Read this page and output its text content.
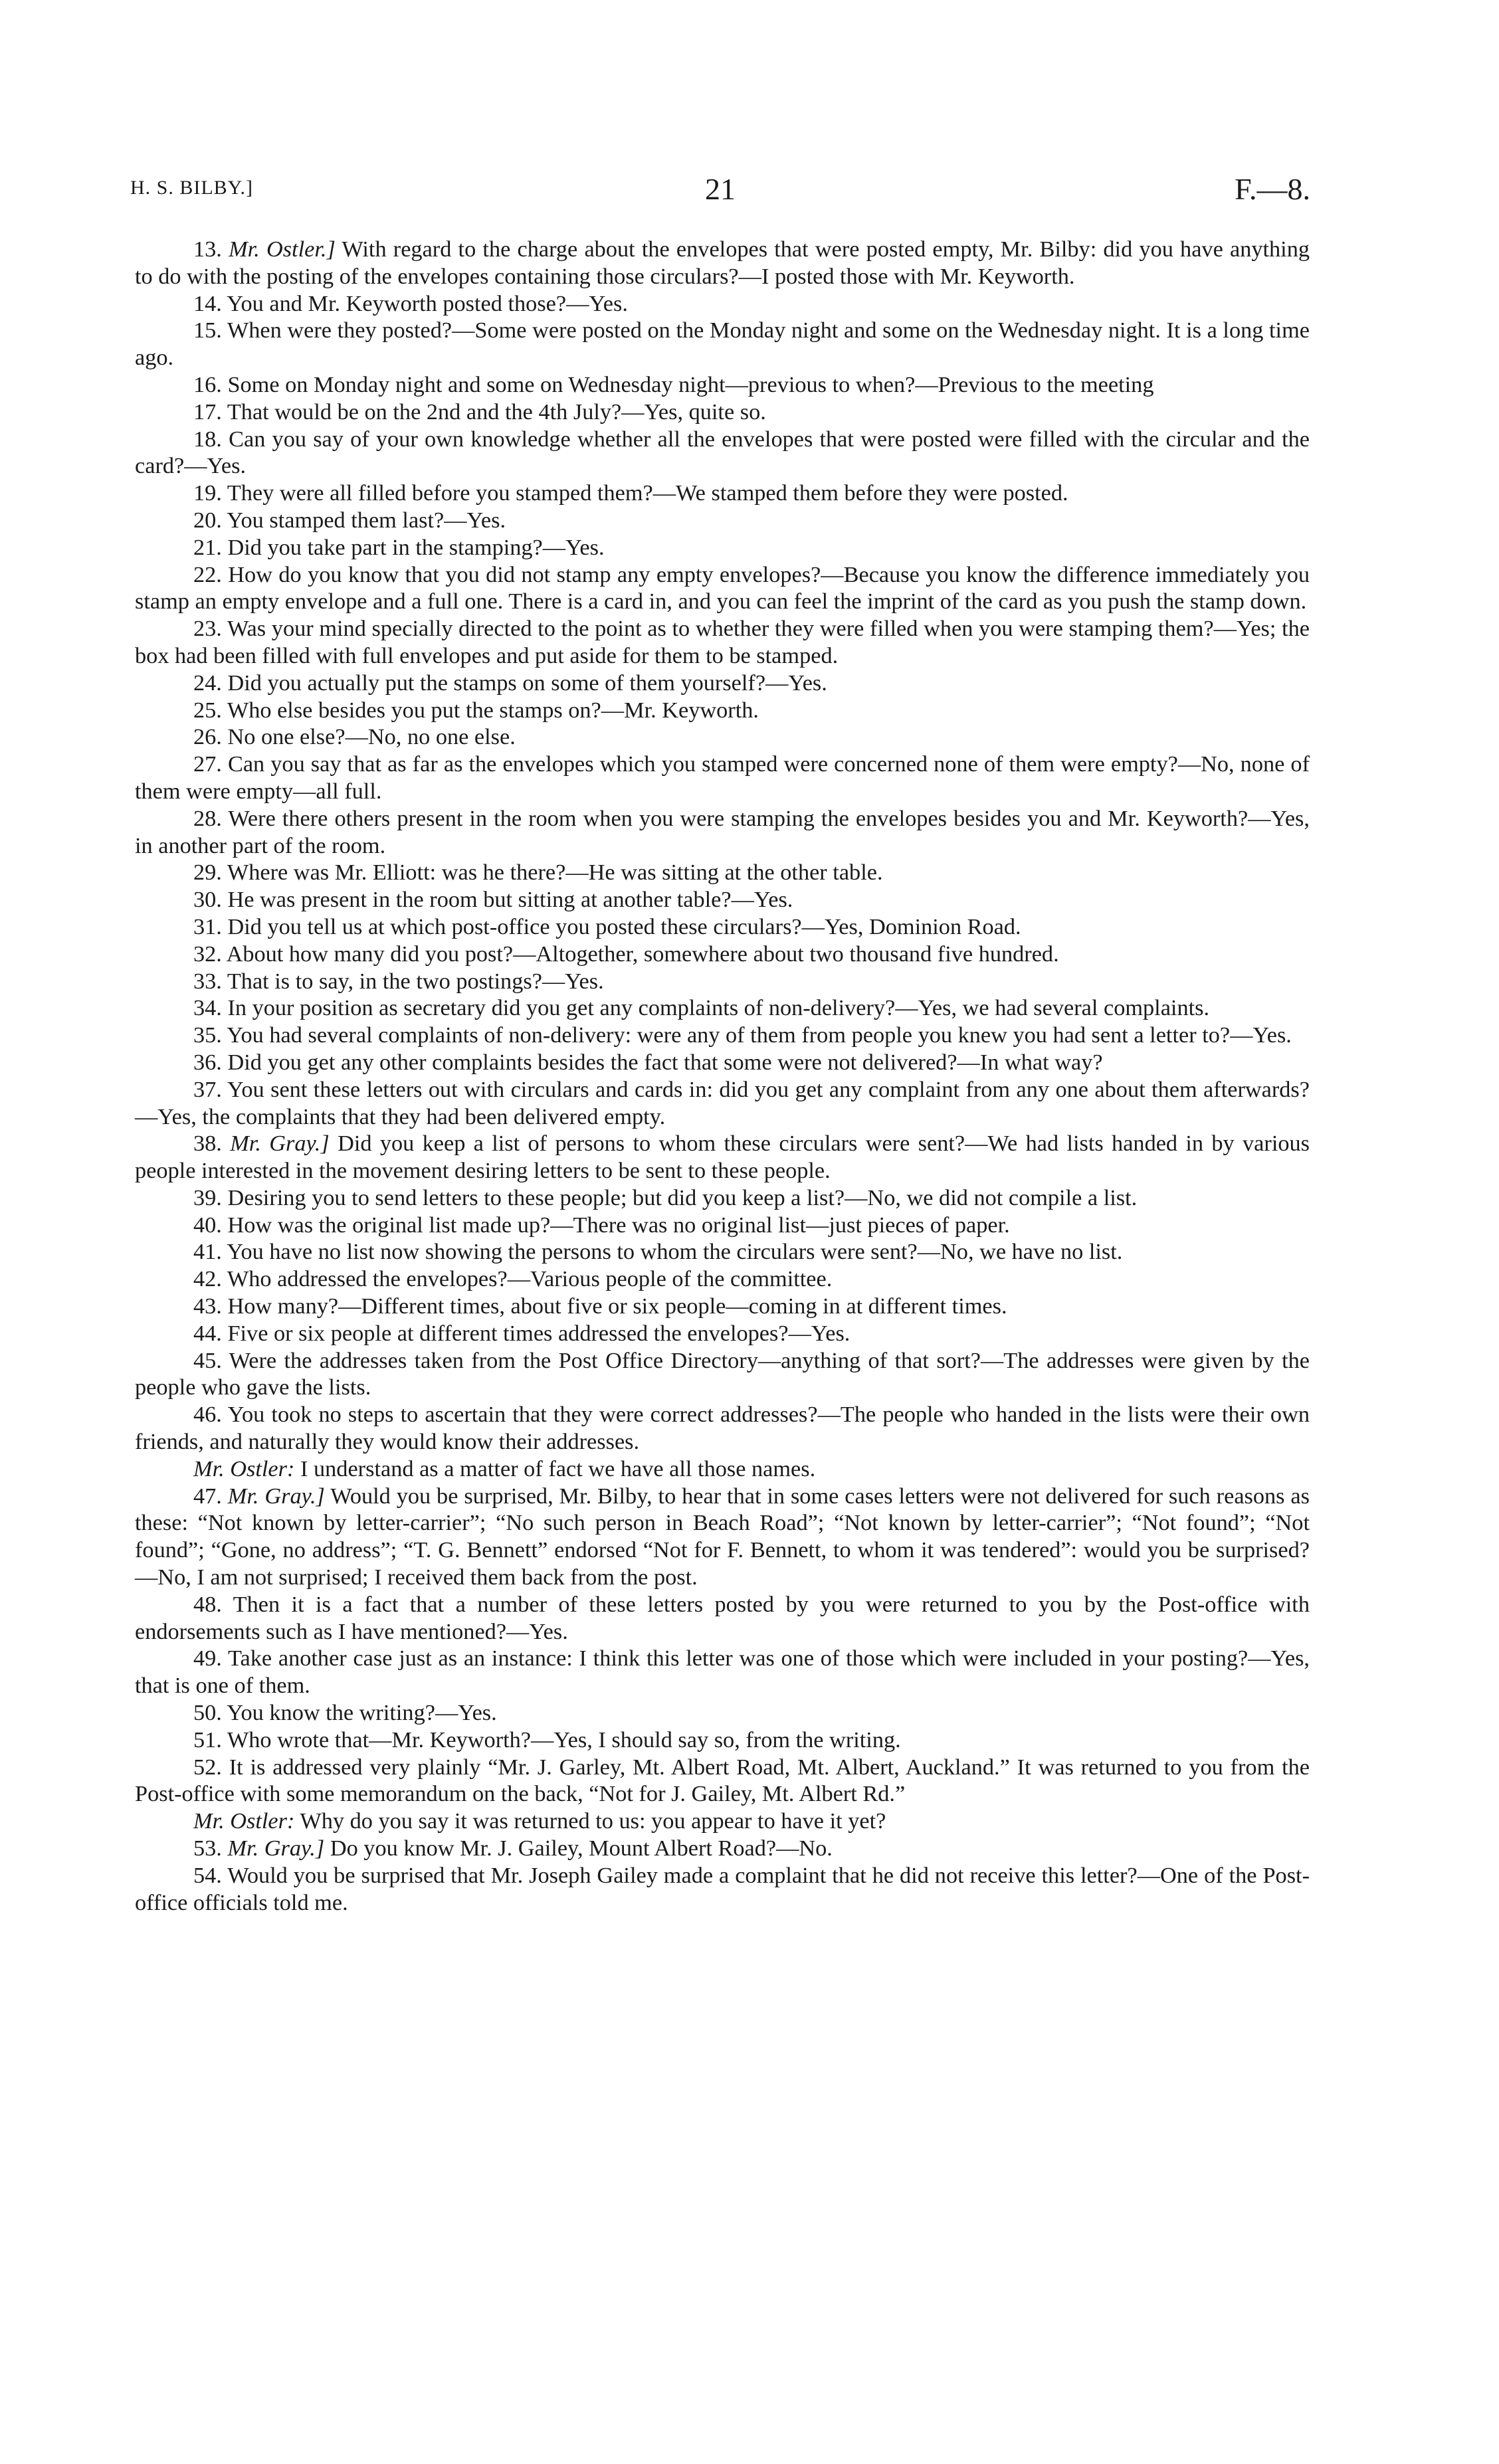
H. S. BILBY.]	21	F.—8.

13. Mr. Ostler.] With regard to the charge about the envelopes that were posted empty, Mr. Bilby: did you have anything to do with the posting of the envelopes containing those circulars?—I posted those with Mr. Keyworth.

14. You and Mr. Keyworth posted those?—Yes.

15. When were they posted?—Some were posted on the Monday night and some on the Wednesday night. It is a long time ago.

16. Some on Monday night and some on Wednesday night—previous to when?—Previous to the meeting

17. That would be on the 2nd and the 4th July?—Yes, quite so.

18. Can you say of your own knowledge whether all the envelopes that were posted were filled with the circular and the card?—Yes.

19. They were all filled before you stamped them?—We stamped them before they were posted.

20. You stamped them last?—Yes.

21. Did you take part in the stamping?—Yes.

22. How do you know that you did not stamp any empty envelopes?—Because you know the difference immediately you stamp an empty envelope and a full one. There is a card in, and you can feel the imprint of the card as you push the stamp down.

23. Was your mind specially directed to the point as to whether they were filled when you were stamping them?—Yes; the box had been filled with full envelopes and put aside for them to be stamped.

24. Did you actually put the stamps on some of them yourself?—Yes.

25. Who else besides you put the stamps on?—Mr. Keyworth.

26. No one else?—No, no one else.

27. Can you say that as far as the envelopes which you stamped were concerned none of them were empty?—No, none of them were empty—all full.

28. Were there others present in the room when you were stamping the envelopes besides you and Mr. Keyworth?—Yes, in another part of the room.

29. Where was Mr. Elliott: was he there?—He was sitting at the other table.

30. He was present in the room but sitting at another table?—Yes.

31. Did you tell us at which post-office you posted these circulars?—Yes, Dominion Road.

32. About how many did you post?—Altogether, somewhere about two thousand five hundred.

33. That is to say, in the two postings?—Yes.

34. In your position as secretary did you get any complaints of non-delivery?—Yes, we had several complaints.

35. You had several complaints of non-delivery: were any of them from people you knew you had sent a letter to?—Yes.

36. Did you get any other complaints besides the fact that some were not delivered?—In what way?

37. You sent these letters out with circulars and cards in: did you get any complaint from any one about them afterwards?—Yes, the complaints that they had been delivered empty.

38. Mr. Gray.] Did you keep a list of persons to whom these circulars were sent?—We had lists handed in by various people interested in the movement desiring letters to be sent to these people.

39. Desiring you to send letters to these people; but did you keep a list?—No, we did not compile a list.

40. How was the original list made up?—There was no original list—just pieces of paper.

41. You have no list now showing the persons to whom the circulars were sent?—No, we have no list.

42. Who addressed the envelopes?—Various people of the committee.

43. How many?—Different times, about five or six people—coming in at different times.

44. Five or six people at different times addressed the envelopes?—Yes.

45. Were the addresses taken from the Post Office Directory—anything of that sort?—The addresses were given by the people who gave the lists.

46. You took no steps to ascertain that they were correct addresses?—The people who handed in the lists were their own friends, and naturally they would know their addresses.

Mr. Ostler: I understand as a matter of fact we have all those names.

47. Mr. Gray.] Would you be surprised, Mr. Bilby, to hear that in some cases letters were not delivered for such reasons as these: “Not known by letter-carrier”; “No such person in Beach Road”; “Not known by letter-carrier”; “Not found”; “Not found”; “Gone, no address”; “T. G. Bennett” endorsed “Not for F. Bennett, to whom it was tendered”: would you be surprised?—No, I am not surprised; I received them back from the post.

48. Then it is a fact that a number of these letters posted by you were returned to you by the Post-office with endorsements such as I have mentioned?—Yes.

49. Take another case just as an instance: I think this letter was one of those which were included in your posting?—Yes, that is one of them.

50. You know the writing?—Yes.

51. Who wrote that—Mr. Keyworth?—Yes, I should say so, from the writing.

52. It is addressed very plainly “Mr. J. Garley, Mt. Albert Road, Mt. Albert, Auckland.” It was returned to you from the Post-office with some memorandum on the back, “Not for J. Gailey, Mt. Albert Rd.”

Mr. Ostler: Why do you say it was returned to us: you appear to have it yet?

53. Mr. Gray.] Do you know Mr. J. Gailey, Mount Albert Road?—No.

54. Would you be surprised that Mr. Joseph Gailey made a complaint that he did not receive this letter?—One of the Post-office officials told me.
